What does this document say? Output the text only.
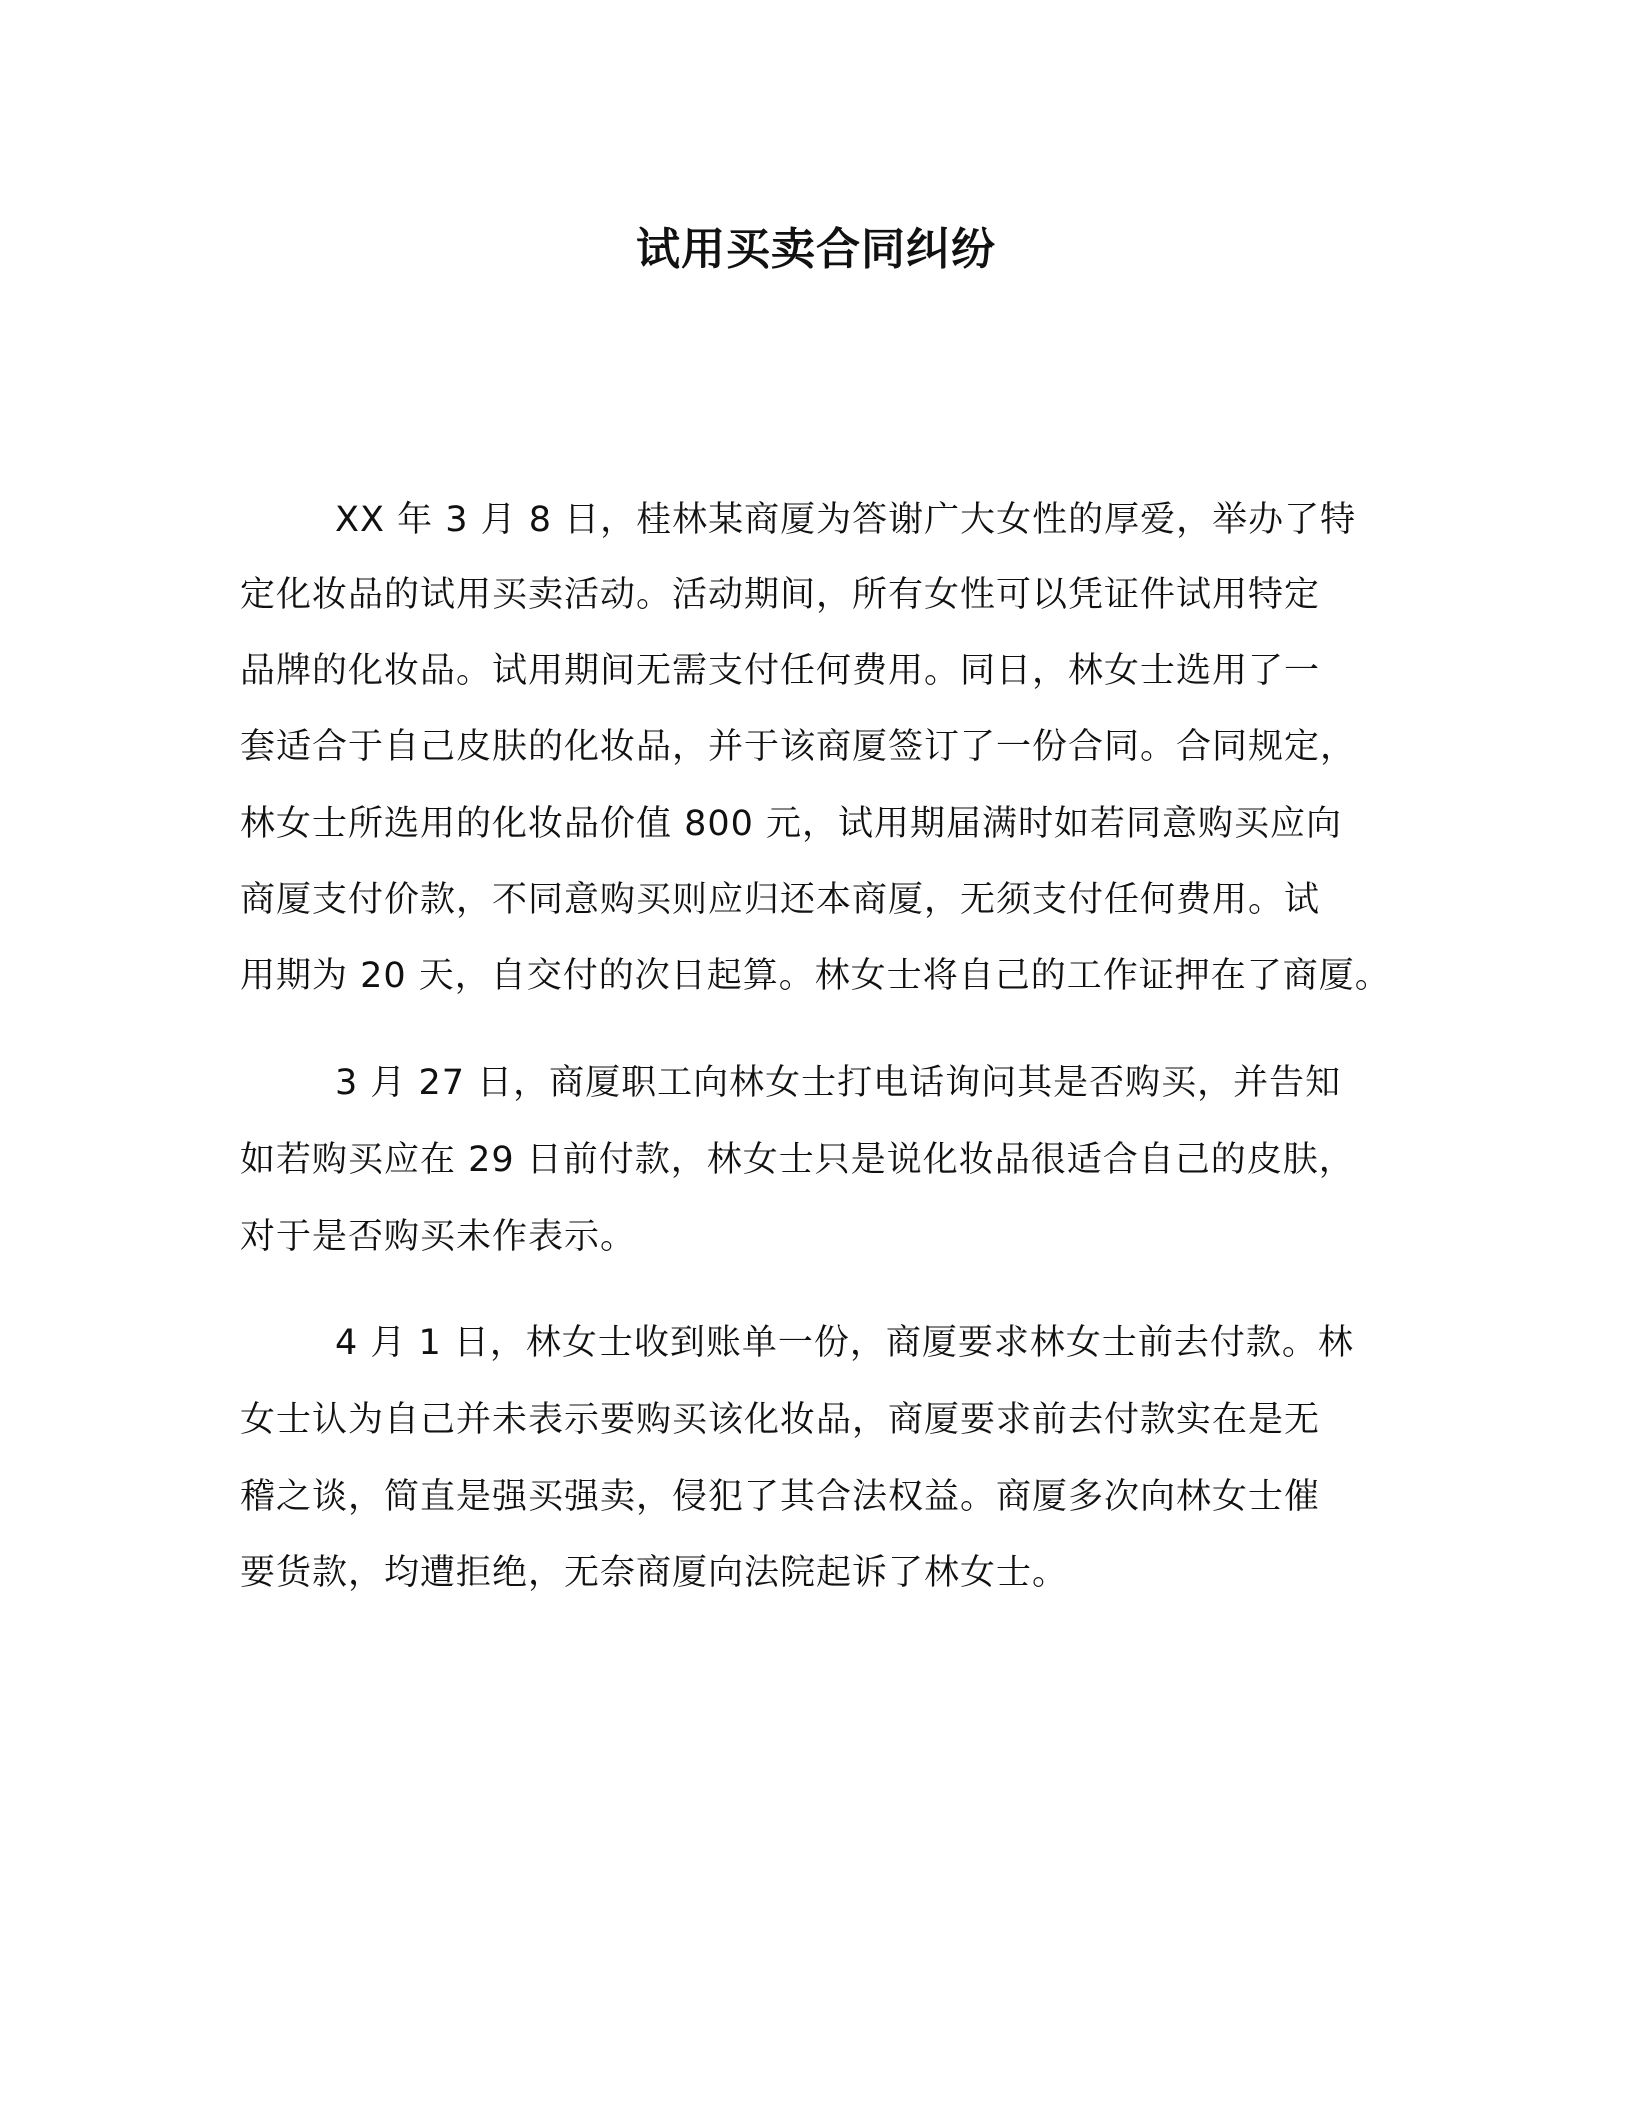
试用买卖合同纠纷

XX 年 3 月 8 日，桂林某商厦为答谢广大女性的厚爱，举办了特

定化妆品的试用买卖活动。活动期间，所有女性可以凭证件试用特定

品牌的化妆品。试用期间无需支付任何费用。同日，林女士选用了一

套适合于自己皮肤的化妆品，并于该商厦签订了一份合同。合同规定，

林女士所选用的化妆品价值 800 元，试用期届满时如若同意购买应向

商厦支付价款，不同意购买则应归还本商厦，无须支付任何费用。试

用期为 20 天，自交付的次日起算。林女士将自己的工作证押在了商厦。

3 月 27 日，商厦职工向林女士打电话询问其是否购买，并告知

如若购买应在 29 日前付款，林女士只是说化妆品很适合自己的皮肤，

对于是否购买未作表示。

4 月 1 日，林女士收到账单一份，商厦要求林女士前去付款。林

女士认为自己并未表示要购买该化妆品，商厦要求前去付款实在是无

稽之谈，简直是强买强卖，侵犯了其合法权益。商厦多次向林女士催

要货款，均遭拒绝，无奈商厦向法院起诉了林女士。
